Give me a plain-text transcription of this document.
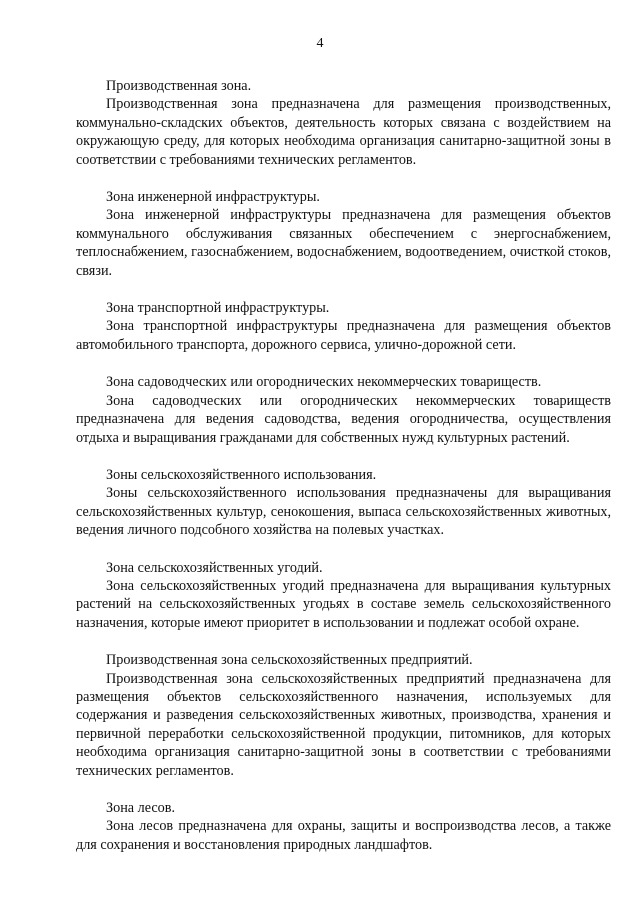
4

Производственная зона.

Производственная зона предназначена для размещения производственных, коммунально-складских объектов, деятельность которых связана с воздействием на окружающую среду, для которых необходима организация санитарно-защитной зоны в соответствии с требованиями технических регламентов.

Зона инженерной инфраструктуры.

Зона инженерной инфраструктуры предназначена для размещения объектов коммунального обслуживания связанных обеспечением с энергоснабжением, теплоснабжением, газоснабжением, водоснабжением, водоотведением, очисткой стоков, связи.

Зона транспортной инфраструктуры.

Зона транспортной инфраструктуры предназначена для размещения объектов автомобильного транспорта, дорожного сервиса, улично-дорожной сети.

Зона садоводческих или огороднических некоммерческих товариществ.

Зона садоводческих или огороднических некоммерческих товариществ предназначена для ведения садоводства, ведения огородничества, осуществления отдыха и выращивания гражданами для собственных нужд культурных растений.

Зоны сельскохозяйственного использования.

Зоны сельскохозяйственного использования предназначены для выращивания сельскохозяйственных культур, сенокошения, выпаса сельскохозяйственных животных, ведения личного подсобного хозяйства на полевых участках.

Зона сельскохозяйственных угодий.

Зона сельскохозяйственных угодий предназначена для выращивания культурных растений на сельскохозяйственных угодьях в составе земель сельскохозяйственного назначения, которые имеют приоритет в использовании и подлежат особой охране.

Производственная зона сельскохозяйственных предприятий.

Производственная зона сельскохозяйственных предприятий предназначена для размещения объектов сельскохозяйственного назначения, используемых для содержания и разведения сельскохозяйственных животных, производства, хранения и первичной переработки сельскохозяйственной продукции, питомников, для которых необходима организация санитарно-защитной зоны в соответствии с требованиями технических регламентов.

Зона лесов.

Зона лесов предназначена для охраны, защиты и воспроизводства лесов, а также для сохранения и восстановления природных ландшафтов.
